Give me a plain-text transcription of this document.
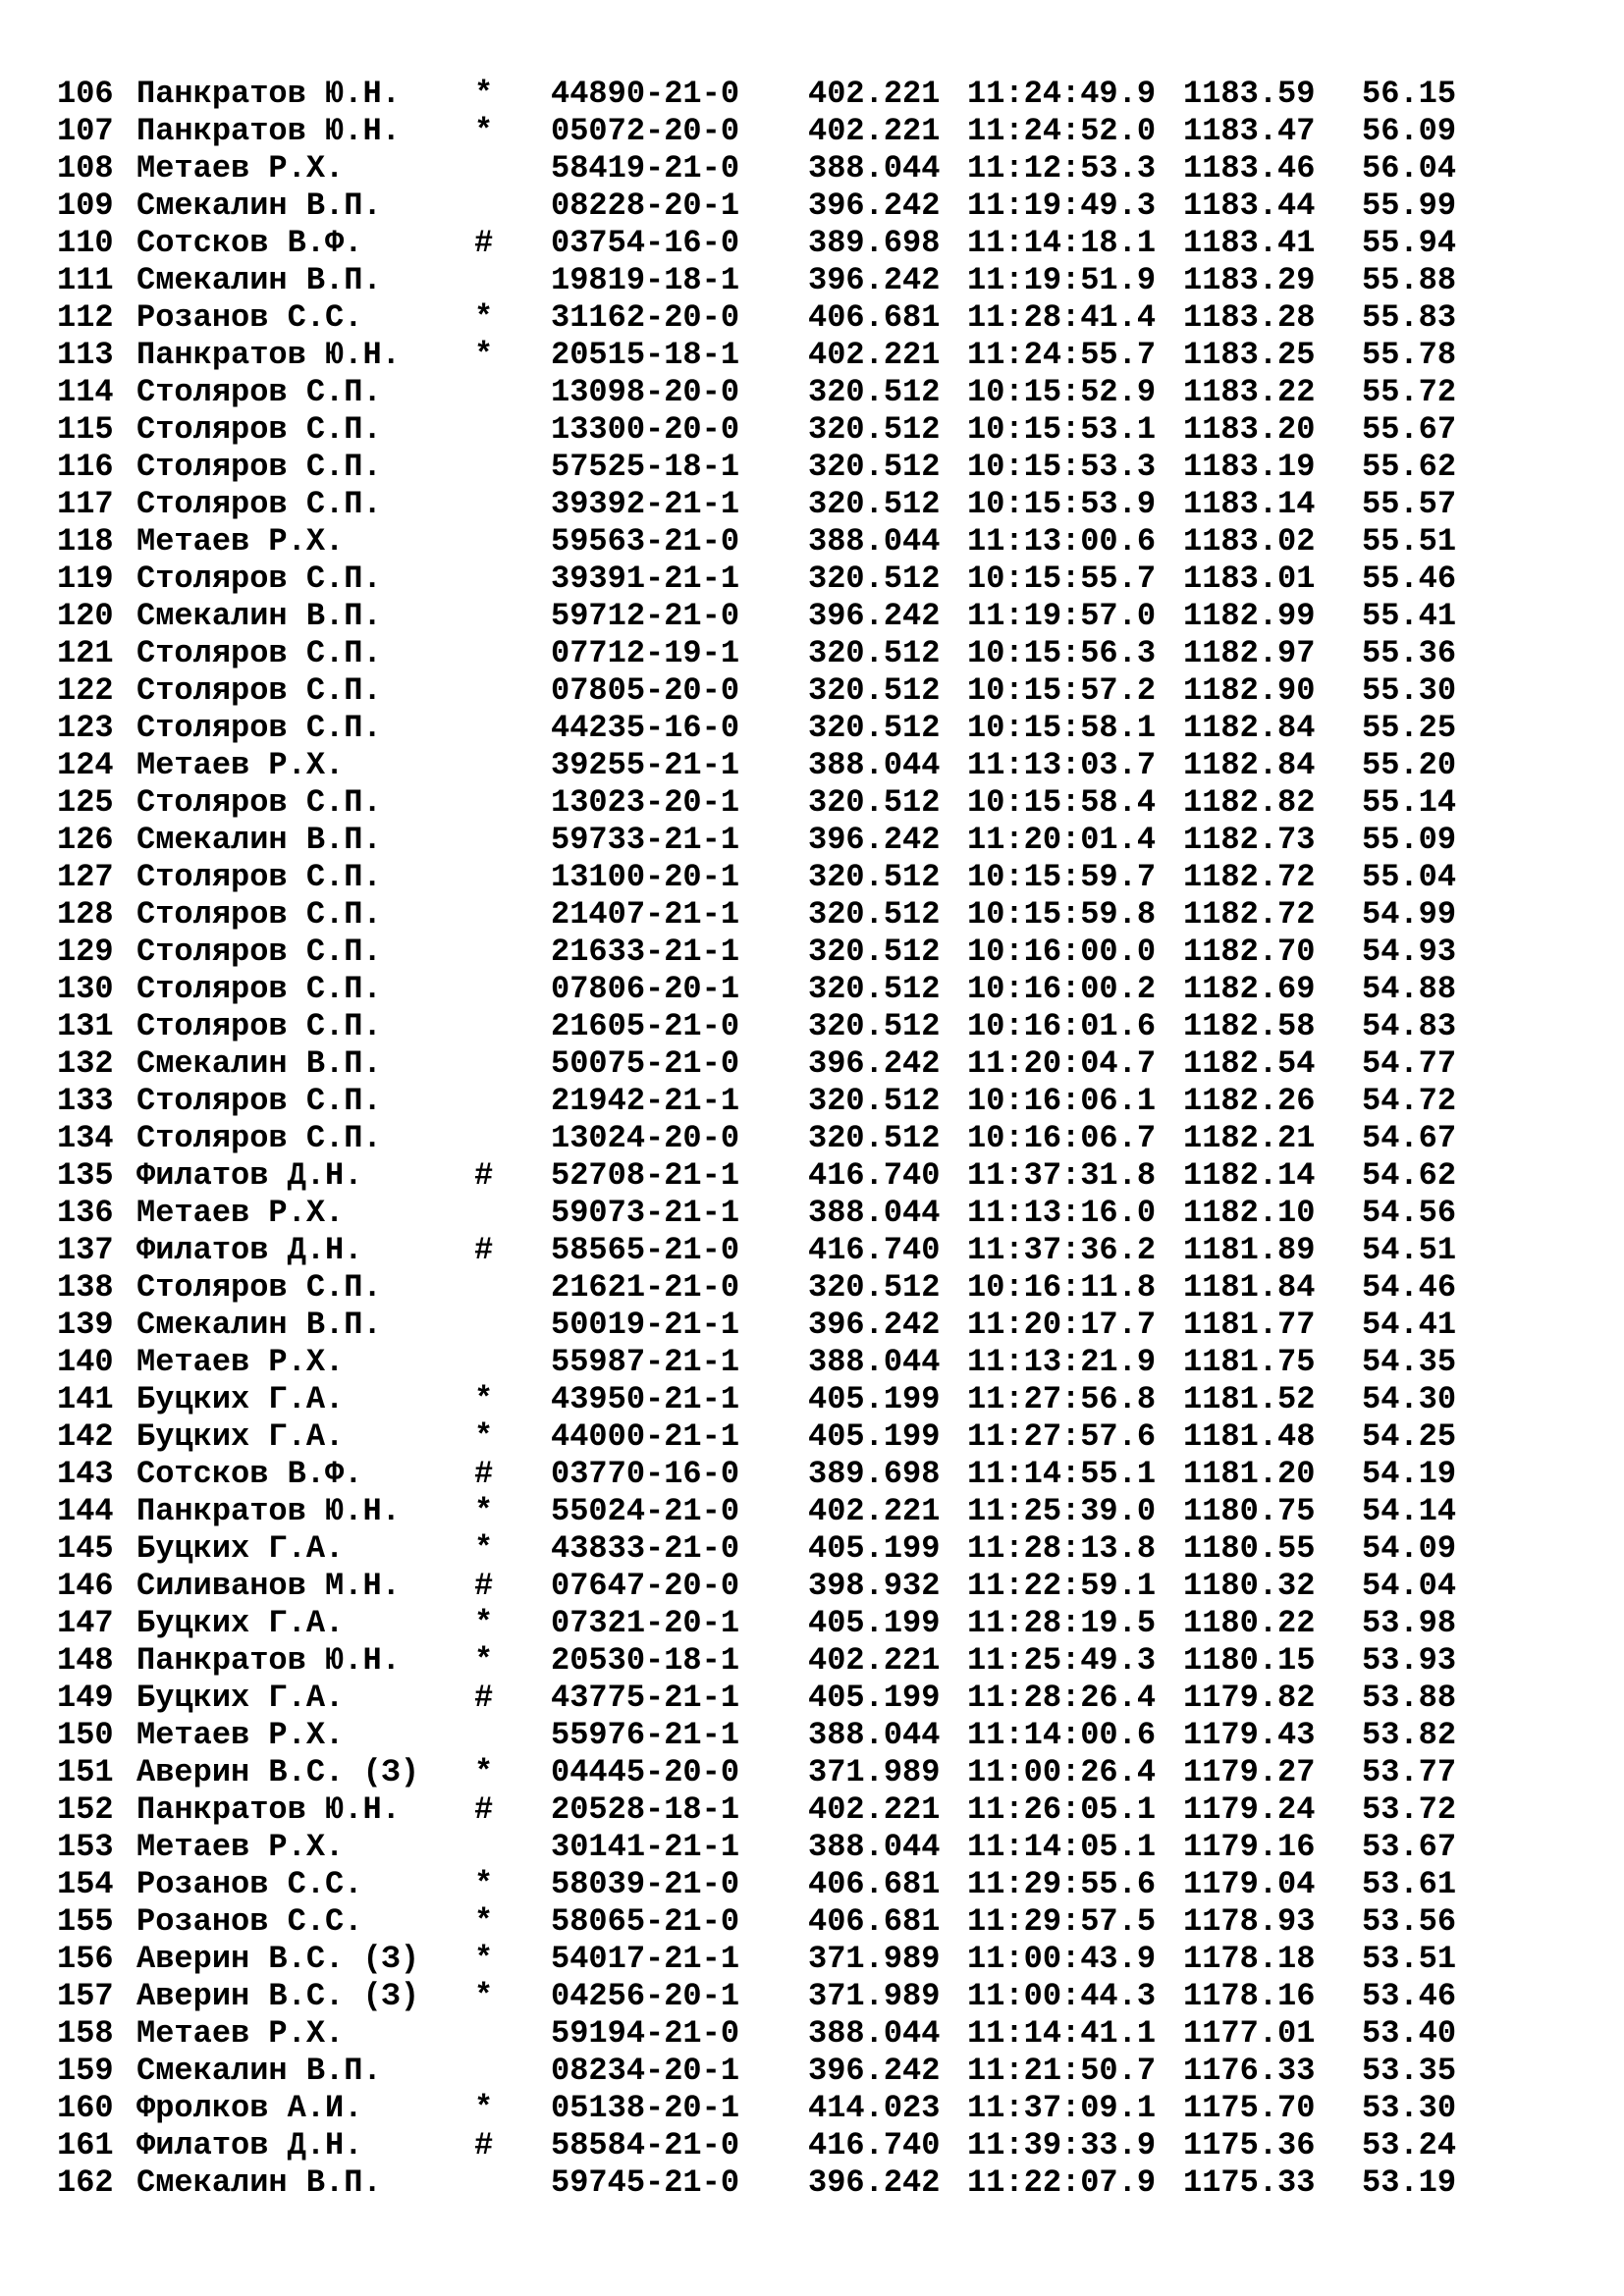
106	Панкратов Ю.Н.	*	44890-21-0	402.221	11:24:49.9	1183.59	56.15
107	Панкратов Ю.Н.	*	05072-20-0	402.221	11:24:52.0	1183.47	56.09
108	Метаев Р.Х.		58419-21-0	388.044	11:12:53.3	1183.46	56.04
109	Смекалин В.П.		08228-20-1	396.242	11:19:49.3	1183.44	55.99
110	Сотсков В.Ф.	#	03754-16-0	389.698	11:14:18.1	1183.41	55.94
111	Смекалин В.П.		19819-18-1	396.242	11:19:51.9	1183.29	55.88
112	Розанов С.С.	*	31162-20-0	406.681	11:28:41.4	1183.28	55.83
113	Панкратов Ю.Н.	*	20515-18-1	402.221	11:24:55.7	1183.25	55.78
114	Столяров С.П.		13098-20-0	320.512	10:15:52.9	1183.22	55.72
115	Столяров С.П.		13300-20-0	320.512	10:15:53.1	1183.20	55.67
116	Столяров С.П.		57525-18-1	320.512	10:15:53.3	1183.19	55.62
117	Столяров С.П.		39392-21-1	320.512	10:15:53.9	1183.14	55.57
118	Метаев Р.Х.		59563-21-0	388.044	11:13:00.6	1183.02	55.51
119	Столяров С.П.		39391-21-1	320.512	10:15:55.7	1183.01	55.46
120	Смекалин В.П.		59712-21-0	396.242	11:19:57.0	1182.99	55.41
121	Столяров С.П.		07712-19-1	320.512	10:15:56.3	1182.97	55.36
122	Столяров С.П.		07805-20-0	320.512	10:15:57.2	1182.90	55.30
123	Столяров С.П.		44235-16-0	320.512	10:15:58.1	1182.84	55.25
124	Метаев Р.Х.		39255-21-1	388.044	11:13:03.7	1182.84	55.20
125	Столяров С.П.		13023-20-1	320.512	10:15:58.4	1182.82	55.14
126	Смекалин В.П.		59733-21-1	396.242	11:20:01.4	1182.73	55.09
127	Столяров С.П.		13100-20-1	320.512	10:15:59.7	1182.72	55.04
128	Столяров С.П.		21407-21-1	320.512	10:15:59.8	1182.72	54.99
129	Столяров С.П.		21633-21-1	320.512	10:16:00.0	1182.70	54.93
130	Столяров С.П.		07806-20-1	320.512	10:16:00.2	1182.69	54.88
131	Столяров С.П.		21605-21-0	320.512	10:16:01.6	1182.58	54.83
132	Смекалин В.П.		50075-21-0	396.242	11:20:04.7	1182.54	54.77
133	Столяров С.П.		21942-21-1	320.512	10:16:06.1	1182.26	54.72
134	Столяров С.П.		13024-20-0	320.512	10:16:06.7	1182.21	54.67
135	Филатов Д.Н.	#	52708-21-1	416.740	11:37:31.8	1182.14	54.62
136	Метаев Р.Х.		59073-21-1	388.044	11:13:16.0	1182.10	54.56
137	Филатов Д.Н.	#	58565-21-0	416.740	11:37:36.2	1181.89	54.51
138	Столяров С.П.		21621-21-0	320.512	10:16:11.8	1181.84	54.46
139	Смекалин В.П.		50019-21-1	396.242	11:20:17.7	1181.77	54.41
140	Метаев Р.Х.		55987-21-1	388.044	11:13:21.9	1181.75	54.35
141	Буцких Г.А.	*	43950-21-1	405.199	11:27:56.8	1181.52	54.30
142	Буцких Г.А.	*	44000-21-1	405.199	11:27:57.6	1181.48	54.25
143	Сотсков В.Ф.	#	03770-16-0	389.698	11:14:55.1	1181.20	54.19
144	Панкратов Ю.Н.	*	55024-21-0	402.221	11:25:39.0	1180.75	54.14
145	Буцких Г.А.	*	43833-21-0	405.199	11:28:13.8	1180.55	54.09
146	Силиванов М.Н.	#	07647-20-0	398.932	11:22:59.1	1180.32	54.04
147	Буцких Г.А.	*	07321-20-1	405.199	11:28:19.5	1180.22	53.98
148	Панкратов Ю.Н.	*	20530-18-1	402.221	11:25:49.3	1180.15	53.93
149	Буцких Г.А.	#	43775-21-1	405.199	11:28:26.4	1179.82	53.88
150	Метаев Р.Х.		55976-21-1	388.044	11:14:00.6	1179.43	53.82
151	Аверин В.С. (З)	*	04445-20-0	371.989	11:00:26.4	1179.27	53.77
152	Панкратов Ю.Н.	#	20528-18-1	402.221	11:26:05.1	1179.24	53.72
153	Метаев Р.Х.		30141-21-1	388.044	11:14:05.1	1179.16	53.67
154	Розанов С.С.	*	58039-21-0	406.681	11:29:55.6	1179.04	53.61
155	Розанов С.С.	*	58065-21-0	406.681	11:29:57.5	1178.93	53.56
156	Аверин В.С. (З)	*	54017-21-1	371.989	11:00:43.9	1178.18	53.51
157	Аверин В.С. (З)	*	04256-20-1	371.989	11:00:44.3	1178.16	53.46
158	Метаев Р.Х.		59194-21-0	388.044	11:14:41.1	1177.01	53.40
159	Смекалин В.П.		08234-20-1	396.242	11:21:50.7	1176.33	53.35
160	Фролков А.И.	*	05138-20-1	414.023	11:37:09.1	1175.70	53.30
161	Филатов Д.Н.	#	58584-21-0	416.740	11:39:33.9	1175.36	53.24
162	Смекалин В.П.		59745-21-0	396.242	11:22:07.9	1175.33	53.19
